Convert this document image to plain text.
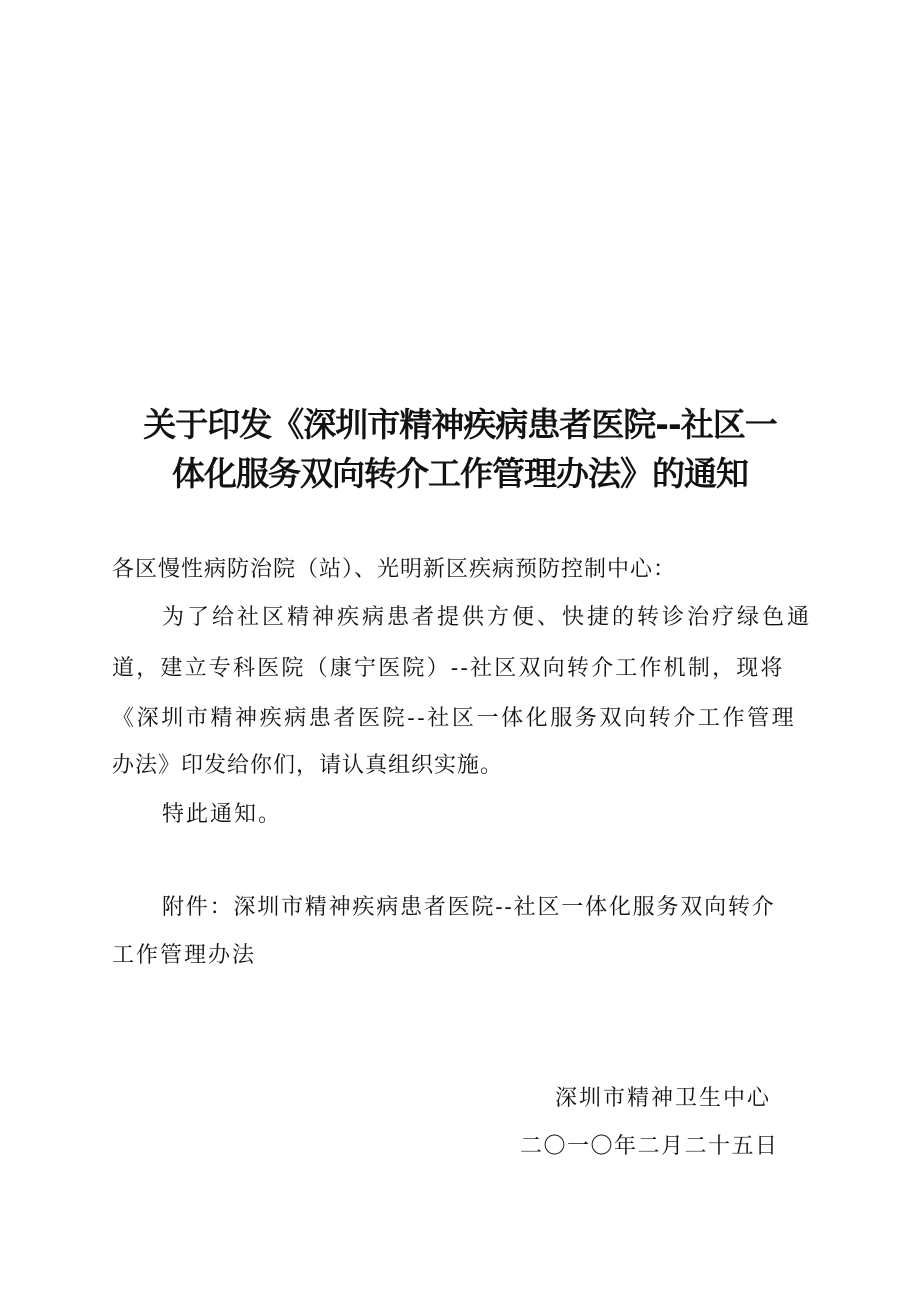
关于印发《深圳市精神疾病患者医院--社区一
体化服务双向转介工作管理办法》的通知
各区慢性病防治院（站）、光明新区疾病预防控制中心：
为了给社区精神疾病患者提供方便、快捷的转诊治疗绿色通
道，建立专科医院（康宁医院）--社区双向转介工作机制，现将
《深圳市精神疾病患者医院--社区一体化服务双向转介工作管理
办法》印发给你们，请认真组织实施。
特此通知。
附件：深圳市精神疾病患者医院--社区一体化服务双向转介
工作管理办法
深圳市精神卫生中心
二〇一〇年二月二十五日
